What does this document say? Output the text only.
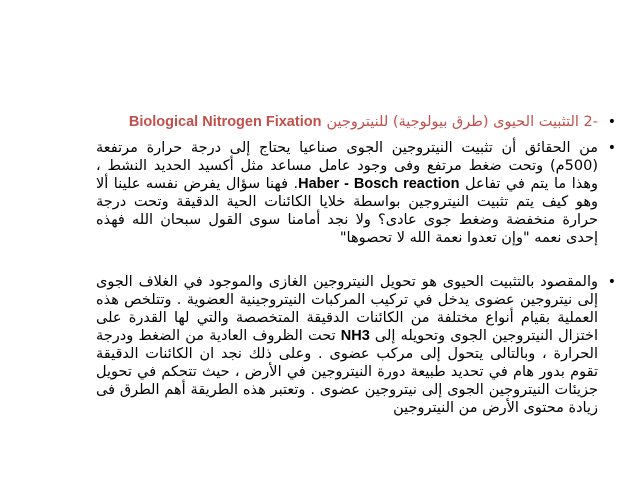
•
-2 التثبيت الحيوى (طرق بيولوجية) للنيتروجين Biological Nitrogen Fixation
•
من الحقائق أن تثبيت النيتروجين الجوى صناعيا يحتاج إلى درجة حرارة مرتفعة (500م) وتحت ضغط مرتفع وفى وجود عامل مساعد مثل أكسيد الحديد النشط ، وهذا ما يتم في تفاعل Haber - Bosch reaction. فهنا سؤال يفرض نفسه علينا ألا وهو كيف يتم تثبيت النيتروجين بواسطة خلايا الكائنات الحية الدقيقة وتحت درجة حرارة منخفضة وضغط جوى عادى؟ ولا نجد أمامنا سوى القول سبحان الله فهذه إحدى نعمه "وإن تعدوا نعمة الله لا تحصوها"
•
والمقصود بالتثبيت الحيوى هو تحويل النيتروجين الغازى والموجود في الغلاف الجوى إلى نيتروجين عضوى يدخل في تركيب المركبات النيتروجينية العضوية . وتتلخص هذه العملية بقيام أنواع مختلفة من الكائنات الدقيقة المتخصصة والتي لها القدرة على اختزال النيتروجين الجوى وتحويله إلى NH3 تحت الظروف العادية من الضغط ودرجة الحرارة ، وبالتالى يتحول إلى مركب عضوى . وعلى ذلك نجد ان الكائنات الدقيقة تقوم بدور هام في تحديد طبيعة دورة النيتروجين في الأرض ، حيث تتحكم في تحويل جزيئات النيتروجين الجوى إلى نيتروجين عضوى . وتعتبر هذه الطريقة أهم الطرق فى زيادة محتوى الأرض من النيتروجين
